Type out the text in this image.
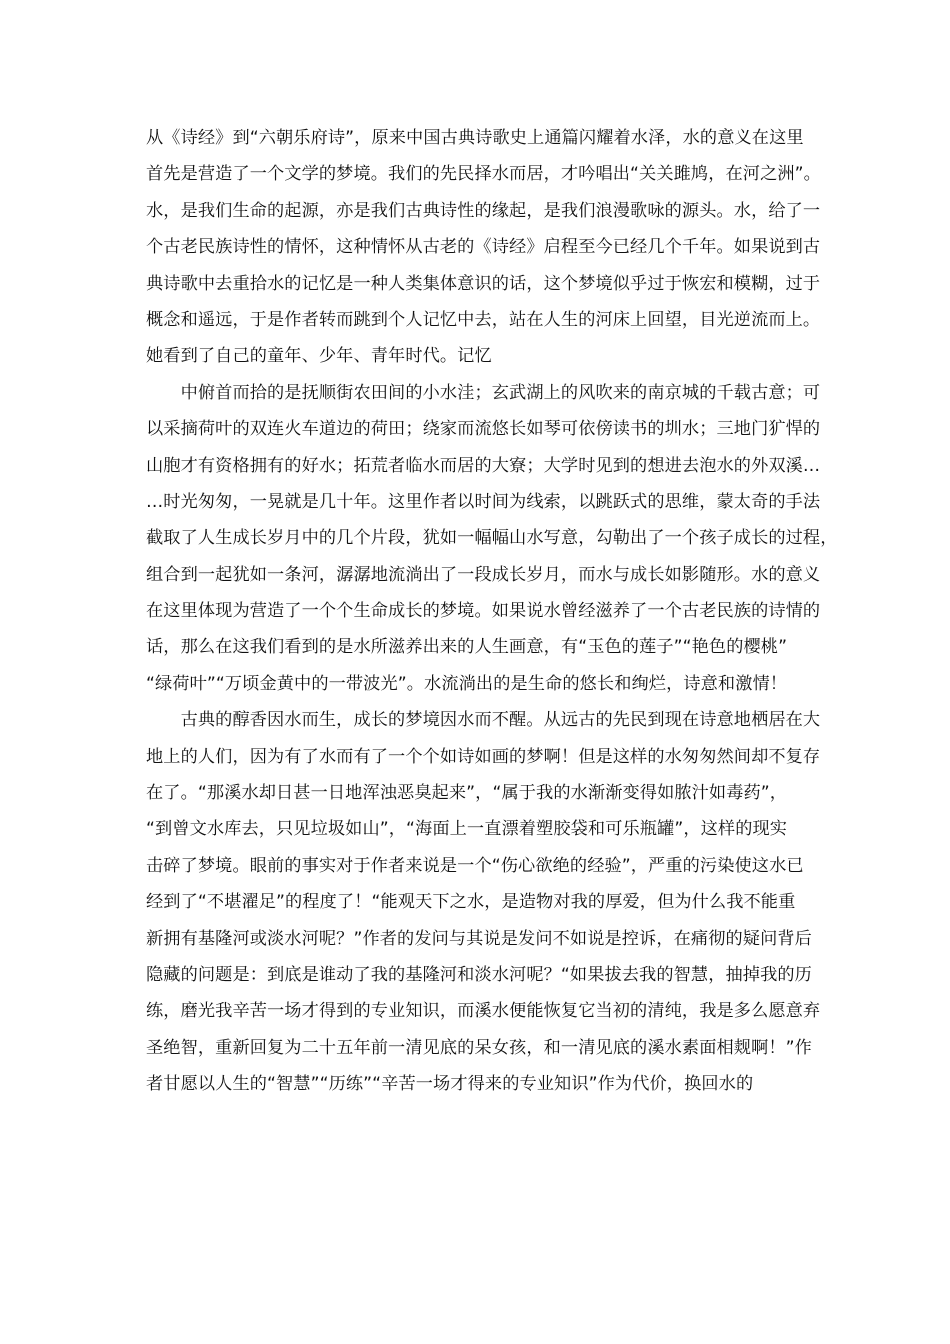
从《诗经》到“六朝乐府诗”，原来中国古典诗歌史上通篇闪耀着水泽，水的意义在这里
首先是营造了一个文学的梦境。我们的先民择水而居，才吟唱出“关关雎鸠，在河之洲”。
水，是我们生命的起源，亦是我们古典诗性的缘起，是我们浪漫歌咏的源头。水，给了一
个古老民族诗性的情怀，这种情怀从古老的《诗经》启程至今已经几个千年。如果说到古
典诗歌中去重拾水的记忆是一种人类集体意识的话，这个梦境似乎过于恢宏和模糊，过于
概念和遥远，于是作者转而跳到个人记忆中去，站在人生的河床上回望，目光逆流而上。
她看到了自己的童年、少年、青年时代。记忆

　　中俯首而拾的是抚顺街农田间的小水洼；玄武湖上的风吹来的南京城的千载古意；可
以采摘荷叶的双连火车道边的荷田；绕家而流悠长如琴可依傍读书的圳水；三地门犷悍的
山胞才有资格拥有的好水；拓荒者临水而居的大寮；大学时见到的想进去泡水的外双溪…
…时光匆匆，一晃就是几十年。这里作者以时间为线索，以跳跃式的思维，蒙太奇的手法
截取了人生成长岁月中的几个片段，犹如一幅幅山水写意，勾勒出了一个孩子成长的过程，
组合到一起犹如一条河，潺潺地流淌出了一段成长岁月，而水与成长如影随形。水的意义
在这里体现为营造了一个个生命成长的梦境。如果说水曾经滋养了一个古老民族的诗情的
话，那么在这我们看到的是水所滋养出来的人生画意，有“玉色的莲子”“艳色的樱桃”
“绿荷叶”“万顷金黄中的一带波光”。水流淌出的是生命的悠长和绚烂，诗意和激情！

　　古典的醇香因水而生，成长的梦境因水而不醒。从远古的先民到现在诗意地栖居在大
地上的人们，因为有了水而有了一个个如诗如画的梦啊！但是这样的水匆匆然间却不复存
在了。“那溪水却日甚一日地浑浊恶臭起来”，“属于我的水渐渐变得如脓汁如毒药”，
“到曾文水库去，只见垃圾如山”，“海面上一直漂着塑胶袋和可乐瓶罐”，这样的现实
击碎了梦境。眼前的事实对于作者来说是一个“伤心欲绝的经验”，严重的污染使这水已
经到了“不堪濯足”的程度了！“能观天下之水，是造物对我的厚爱，但为什么我不能重
新拥有基隆河或淡水河呢？”作者的发问与其说是发问不如说是控诉，在痛彻的疑问背后
隐藏的问题是：到底是谁动了我的基隆河和淡水河呢？“如果拔去我的智慧，抽掉我的历
练，磨光我辛苦一场才得到的专业知识，而溪水便能恢复它当初的清纯，我是多么愿意弃
圣绝智，重新回复为二十五年前一清见底的呆女孩，和一清见底的溪水素面相觌啊！”作
者甘愿以人生的“智慧”“历练”“辛苦一场才得来的专业知识”作为代价，换回水的
